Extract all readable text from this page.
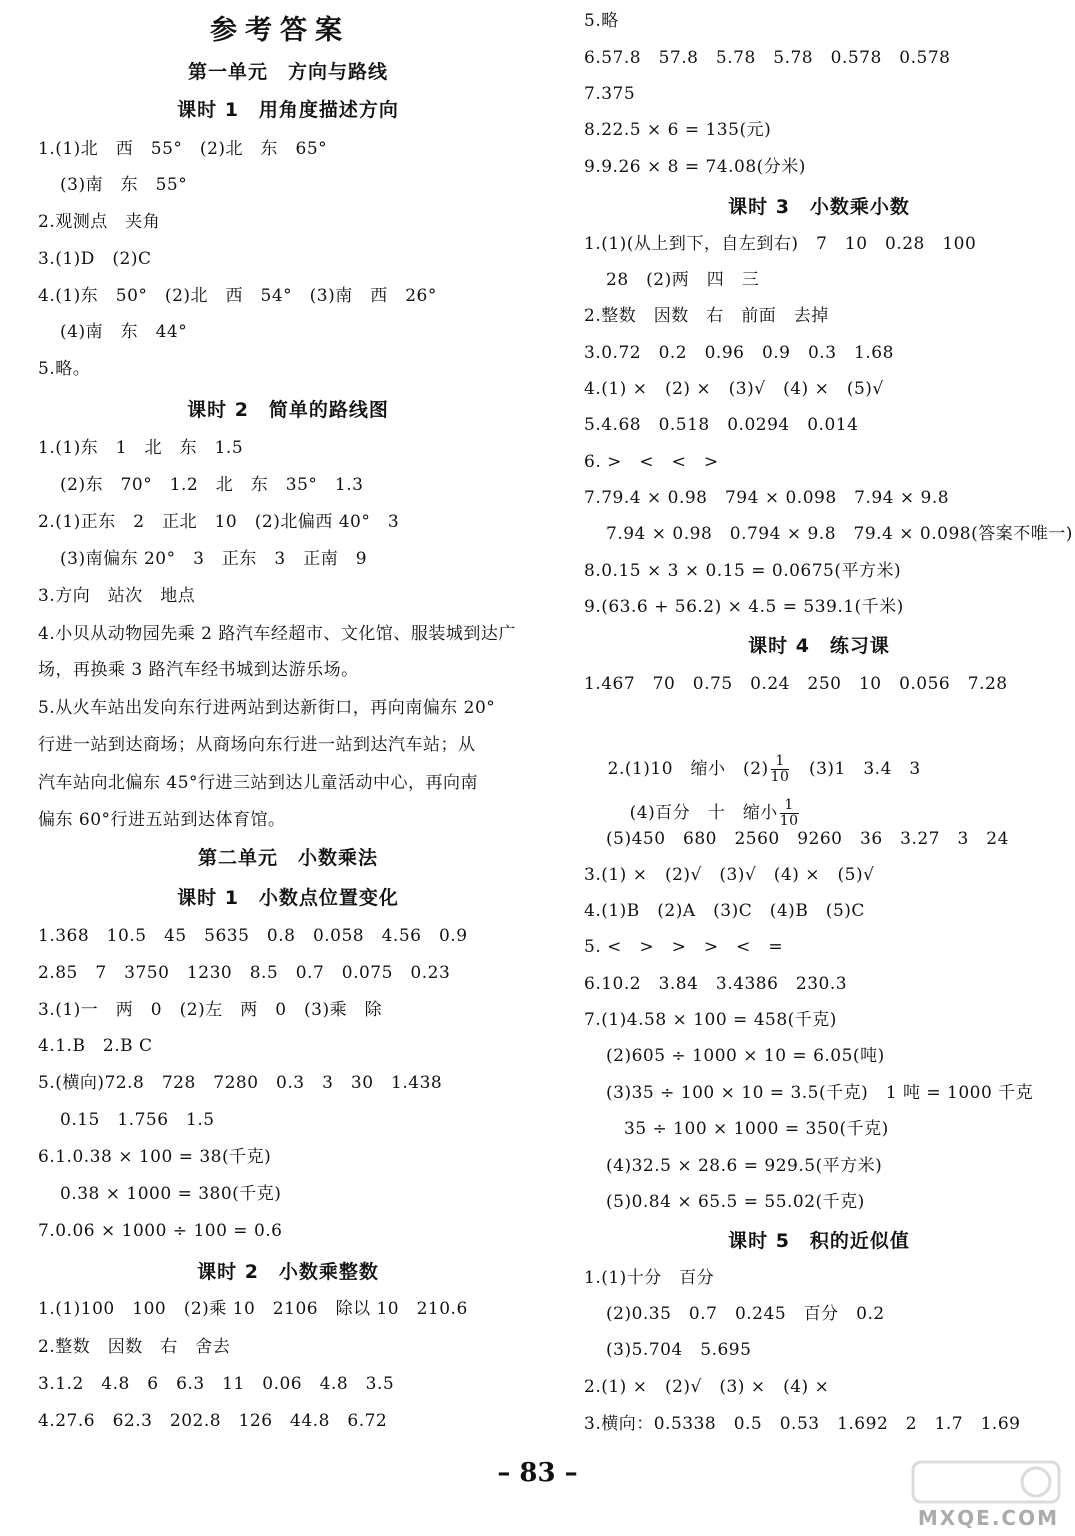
参考答案
第一单元　方向与路线
课时 1　用角度描述方向
1.(1)北　西　55°　(2)北　东　65°
(3)南　东　55°
2.观测点　夹角
3.(1)D　(2)C
4.(1)东　50°　(2)北　西　54°　(3)南　西　26°
(4)南　东　44°
5.略。
课时 2　简单的路线图
1.(1)东　1　北　东　1.5
(2)东　70°　1.2　北　东　35°　1.3
2.(1)正东　2　正北　10　(2)北偏西 40°　3
(3)南偏东 20°　3　正东　3　正南　9
3.方向　站次　地点
4.小贝从动物园先乘 2 路汽车经超市、文化馆、服装城到达广
场，再换乘 3 路汽车经书城到达游乐场。
5.从火车站出发向东行进两站到达新街口，再向南偏东 20°
行进一站到达商场；从商场向东行进一站到达汽车站；从
汽车站向北偏东 45°行进三站到达儿童活动中心，再向南
偏东 60°行进五站到达体育馆。
第二单元　小数乘法
课时 1　小数点位置变化
1.368　10.5　45　5635　0.8　0.058　4.56　0.9
2.85　7　3750　1230　8.5　0.7　0.075　0.23
3.(1)一　两　0　(2)左　两　0　(3)乘　除
4.1.B　2.B C
5.(横向)72.8　728　7280　0.3　3　30　1.438
0.15　1.756　1.5
6.1.0.38 × 100 = 38(千克)
0.38 × 1000 = 380(千克)
7.0.06 × 1000 ÷ 100 = 0.6
课时 2　小数乘整数
1.(1)100　100　(2)乘 10　2106　除以 10　210.6
2.整数　因数　右　舍去
3.1.2　4.8　6　6.3　11　0.06　4.8　3.5
4.27.6　62.3　202.8　126　44.8　6.72
5.略
6.57.8　57.8　5.78　5.78　0.578　0.578
7.375
8.22.5 × 6 = 135(元)
9.9.26 × 8 = 74.08(分米)
课时 3　小数乘小数
1.(1)(从上到下，自左到右)　7　10　0.28　100
28　(2)两　四　三
2.整数　因数　右　前面　去掉
3.0.72　0.2　0.96　0.9　0.3　1.68
4.(1) ×　(2) ×　(3)√　(4) ×　(5)√
5.4.68　0.518　0.0294　0.014
6. >　<　<　>
7.79.4 × 0.98　794 × 0.098　7.94 × 9.8
7.94 × 0.98　0.794 × 9.8　79.4 × 0.098(答案不唯一)
8.0.15 × 3 × 0.15 = 0.0675(平方米)
9.(63.6 + 56.2) × 4.5 = 539.1(千米)
课时 4　练习课
1.467　70　0.75　0.24　250　10　0.056　7.28

2.(1)10　缩小　$(2) \frac{1}{10}$ 　(3)1　3.4　3

(4)百分　十　缩小 $\frac{1}{10}$

(5)450　680　2560　9260　36　3.27　3　24
3.(1) ×　(2)√　(3)√　(4) ×　(5)√
4.(1)B　(2)A　(3)C　(4)B　(5)C
5. <　>　>　>　<　=
6.10.2　3.84　3.4386　230.3
7.(1)4.58 × 100 = 458(千克)
(2)605 ÷ 1000 × 10 = 6.05(吨)
(3)35 ÷ 100 × 10 = 3.5(千克)　1 吨 = 1000 千克
35 ÷ 100 × 1000 = 350(千克)
(4)32.5 × 28.6 = 929.5(平方米)
(5)0.84 × 65.5 = 55.02(千克)
课时 5　积的近似值
1.(1)十分　百分
(2)0.35　0.7　0.245　百分　0.2
(3)5.704　5.695
2.(1) ×　(2)√　(3) ×　(4) ×
3.横向：0.5338　0.5　0.53　1.692　2　1.7　1.69
– 83 –
MXQE.COM
